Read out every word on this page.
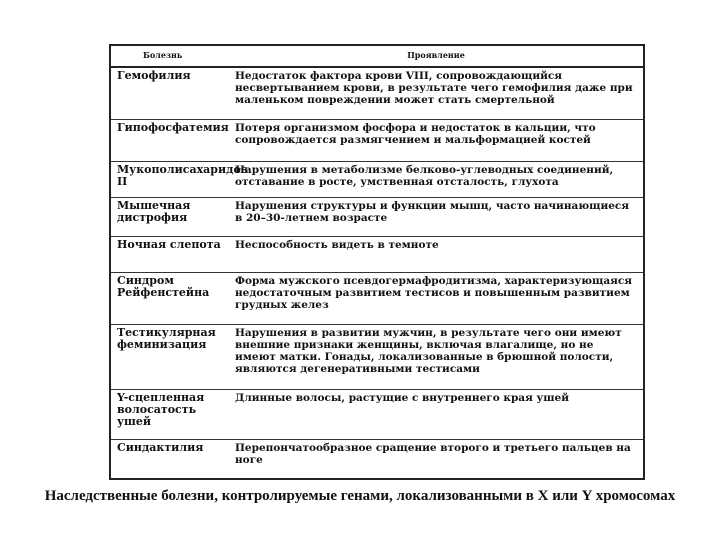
Болезнь	Проявление
Гемофилия	Недостаток фактора крови VIII, сопровождающийся несвертыванием крови, в результате чего гемофилия даже при маленьком повреждении может стать смертельной
Гипофосфатемия	Потеря организмом фосфора и недостаток в кальции, что сопровождается размягчением и мальформацией костей
Мукополисахаридоз II	Нарушения в метаболизме белково-углеводных соединений, отставание в росте, умственная отсталость, глухота
Мышечная дистрофия	Нарушения структуры и функции мышц, часто начинающиеся в 20–30-летнем возрасте
Ночная слепота	Неспособность видеть в темноте
Синдром Рейфенстейна	Форма мужского псевдогермафродитизма, характеризующаяся недостаточным развитием тестисов и повышенным развитием грудных желез
Тестикулярная феминизация	Нарушения в развитии мужчин, в результате чего они имеют внешние признаки женщины, включая влагалище, но не имеют матки. Гонады, локализованные в брюшной полости, являются дегенеративными тестисами
Y-сцепленная волосатость ушей	Длинные волосы, растущие с внутреннего края ушей
Синдактилия	Перепончатообразное сращение второго и третьего пальцев на ноге
Наследственные болезни, контролируемые генами, локализованными в X или Y хромосомах
